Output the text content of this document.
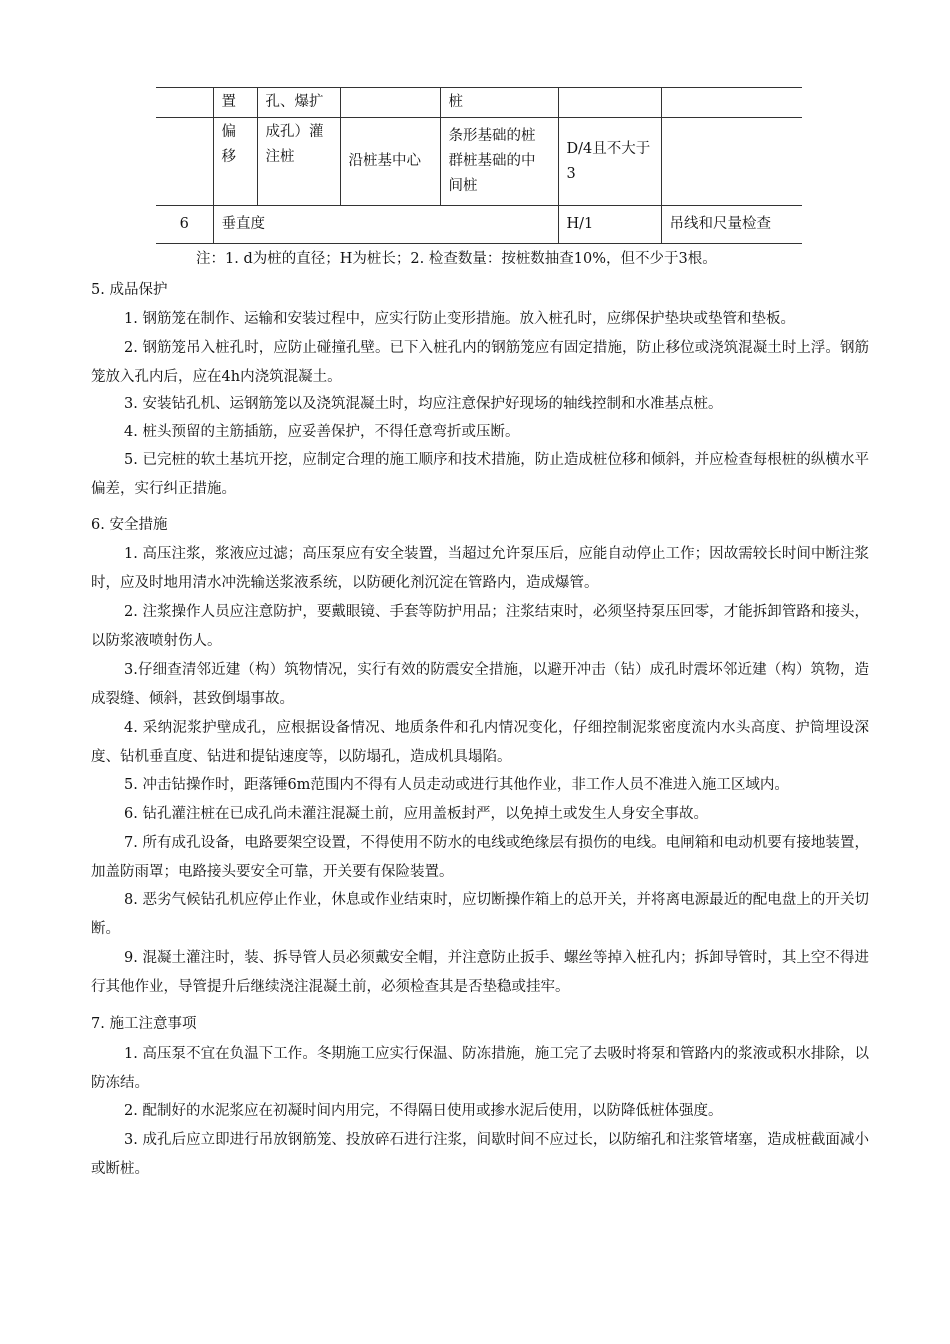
	置	孔、爆扩		桩		
	偏移	成孔）灌注桩	沿桩基中心	条形基础的桩群桩基础的中间桩	D/4且不大于3	
6	垂直度				H/1	吊线和尺量检查
注：1. d为桩的直径；H为桩长；2. 检查数量：按桩数抽查10%，但不少于3根。
5. 成品保护
1. 钢筋笼在制作、运输和安装过程中，应实行防止变形措施。放入桩孔时，应绑保护垫块或垫管和垫板。
2. 钢筋笼吊入桩孔时，应防止碰撞孔壁。已下入桩孔内的钢筋笼应有固定措施，防止移位或浇筑混凝土时上浮。钢筋笼放入孔内后，应在4h内浇筑混凝土。
3. 安装钻孔机、运钢筋笼以及浇筑混凝土时，均应注意保护好现场的轴线控制和水准基点桩。
4. 桩头预留的主筋插筋，应妥善保护，不得任意弯折或压断。
5. 已完桩的软土基坑开挖，应制定合理的施工顺序和技术措施，防止造成桩位移和倾斜，并应检查每根桩的纵横水平偏差，实行纠正措施。
6. 安全措施
1. 高压注浆，浆液应过滤；高压泵应有安全装置，当超过允许泵压后，应能自动停止工作；因故需较长时间中断注浆时，应及时地用清水冲洗输送浆液系统，以防硬化剂沉淀在管路内，造成爆管。
2. 注浆操作人员应注意防护，要戴眼镜、手套等防护用品；注浆结束时，必须坚持泵压回零，才能拆卸管路和接头，以防浆液喷射伤人。
3.仔细查清邻近建（构）筑物情况，实行有效的防震安全措施，以避开冲击（钻）成孔时震坏邻近建（构）筑物，造成裂缝、倾斜，甚致倒塌事故。
4. 采纳泥浆护壁成孔，应根据设备情况、地质条件和孔内情况变化，仔细控制泥浆密度流内水头高度、护筒埋设深度、钻机垂直度、钻进和提钻速度等，以防塌孔，造成机具塌陷。
5. 冲击钻操作时，距落锤6m范围内不得有人员走动或进行其他作业，非工作人员不准进入施工区域内。
6. 钻孔灌注桩在已成孔尚未灌注混凝土前，应用盖板封严，以免掉土或发生人身安全事故。
7. 所有成孔设备，电路要架空设置，不得使用不防水的电线或绝缘层有损伤的电线。电闸箱和电动机要有接地装置，加盖防雨罩；电路接头要安全可靠，开关要有保险装置。
8. 恶劣气候钻孔机应停止作业，休息或作业结束时，应切断操作箱上的总开关，并将离电源最近的配电盘上的开关切断。
9. 混凝土灌注时，装、拆导管人员必须戴安全帽，并注意防止扳手、螺丝等掉入桩孔内；拆卸导管时，其上空不得进行其他作业，导管提升后继续浇注混凝土前，必须检查其是否垫稳或挂牢。
7. 施工注意事项
1. 高压泵不宜在负温下工作。冬期施工应实行保温、防冻措施，施工完了去吸时将泵和管路内的浆液或积水排除，以防冻结。
2. 配制好的水泥浆应在初凝时间内用完，不得隔日使用或掺水泥后使用，以防降低桩体强度。
3. 成孔后应立即进行吊放钢筋笼、投放碎石进行注浆，间歇时间不应过长，以防缩孔和注浆管堵塞，造成桩截面减小或断桩。
